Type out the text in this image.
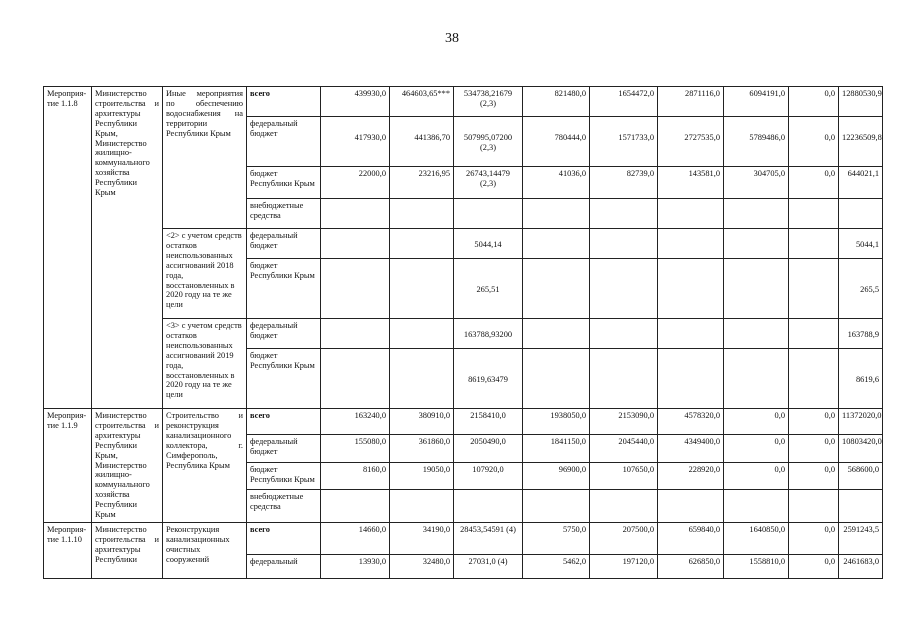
38
Мероприя-тие 1.1.8	Министерство строительства и архитектуры Республики Крым, Министерство жилищно-коммунального хозяйства Республики Крым	Иные мероприятия по обеспечению водоснабжения на территории Республики Крым	всего	439930,0	464603,65***	534738,21679 (2,3)	821480,0	1654472,0	2871116,0	6094191,0	0,0	12880530,9
			федеральный бюджет	417930,0	441386,70	507995,07200 (2,3)	780444,0	1571733,0	2727535,0	5789486,0	0,0	12236509,8
			бюджет Республики Крым	22000,0	23216,95	26743,14479 (2,3)	41036,0	82739,0	143581,0	304705,0	0,0	644021,1
			внебюджетные средства									
		<2> с учетом средств остатков неиспользованных ассигнований 2018 года, восстановленных в 2020 году на те же цели	федеральный бюджет			5044,14						5044,1
			бюджет Республики Крым			265,51						265,5
		<3> с учетом средств остатков неиспользованных ассигнований 2019 года, восстановленных в 2020 году на те же цели	федеральный бюджет			163788,93200						163788,9
			бюджет Республики Крым			8619,63479						8619,6
Мероприя-тие 1.1.9	Министерство строительства и архитектуры Республики Крым, Министерство жилищно-коммунального хозяйства Республики Крым	Строительство и реконструкция канализационного коллектора, г. Симферополь, Республика Крым	всего	163240,0	380910,0	2158410,0	1938050,0	2153090,0	4578320,0	0,0	0,0	11372020,0
			федеральный бюджет	155080,0	361860,0	2050490,0	1841150,0	2045440,0	4349400,0	0,0	0,0	10803420,0
			бюджет Республики Крым	8160,0	19050,0	107920,0	96900,0	107650,0	228920,0	0,0	0,0	568600,0
			внебюджетные средства									
Мероприя-тие 1.1.10	Министерство строительства и архитектуры Республики	Реконструкция канализационных очистных сооружений	всего	14660,0	34190,0	28453,54591 (4)	5750,0	207500,0	659840,0	1640850,0	0,0	2591243,5
			федеральный	13930,0	32480,0	27031,0 (4)	5462,0	197120,0	626850,0	1558810,0	0,0	2461683,0
